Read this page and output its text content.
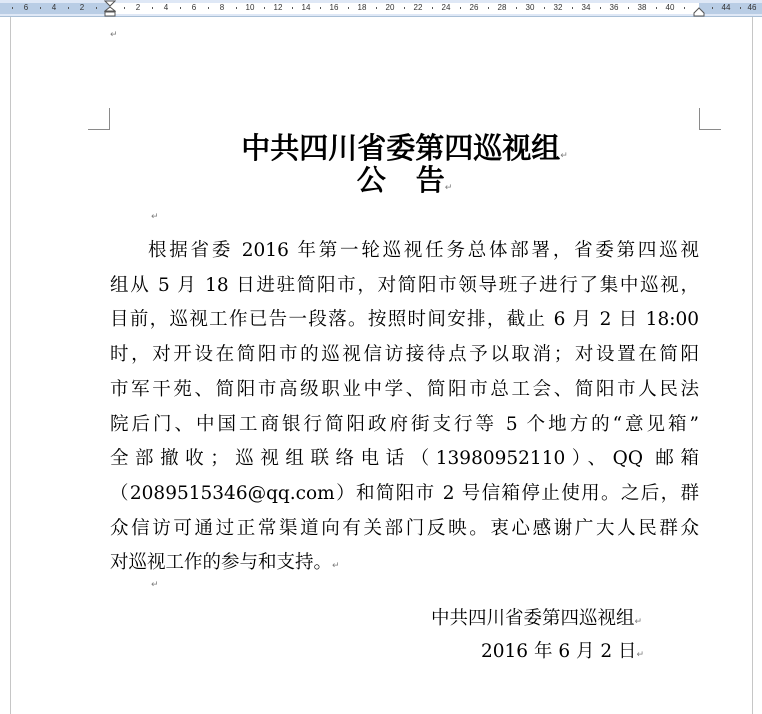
6	4	2	2	4	6	8	10 12 14 16 18 20 22 24 26 28 30 32 34 36 38 40	44 46
↵
中共四川省委第四巡视组↵
公 告↵
↵
根据省委 2016 年第一轮巡视任务总体部署，省委第四巡视
组从 5 月 18 日进驻简阳市，对简阳市领导班子进行了集中巡视，
目前，巡视工作已告一段落。按照时间安排，截止 6 月 2 日 18:00
时，对开设在简阳市的巡视信访接待点予以取消；对设置在简阳
市军干苑、简阳市高级职业中学、简阳市总工会、简阳市人民法
院后门、中国工商银行简阳政府街支行等 5 个地方的“意见箱”
全部撤收；巡视组联络电话（13980952110）、QQ 邮箱
（2089515346@qq.com）和简阳市 2 号信箱停止使用。之后，群
众信访可通过正常渠道向有关部门反映。衷心感谢广大人民群众
对巡视工作的参与和支持。↵
↵
中共四川省委第四巡视组↵
2016 年 6 月 2 日↵
